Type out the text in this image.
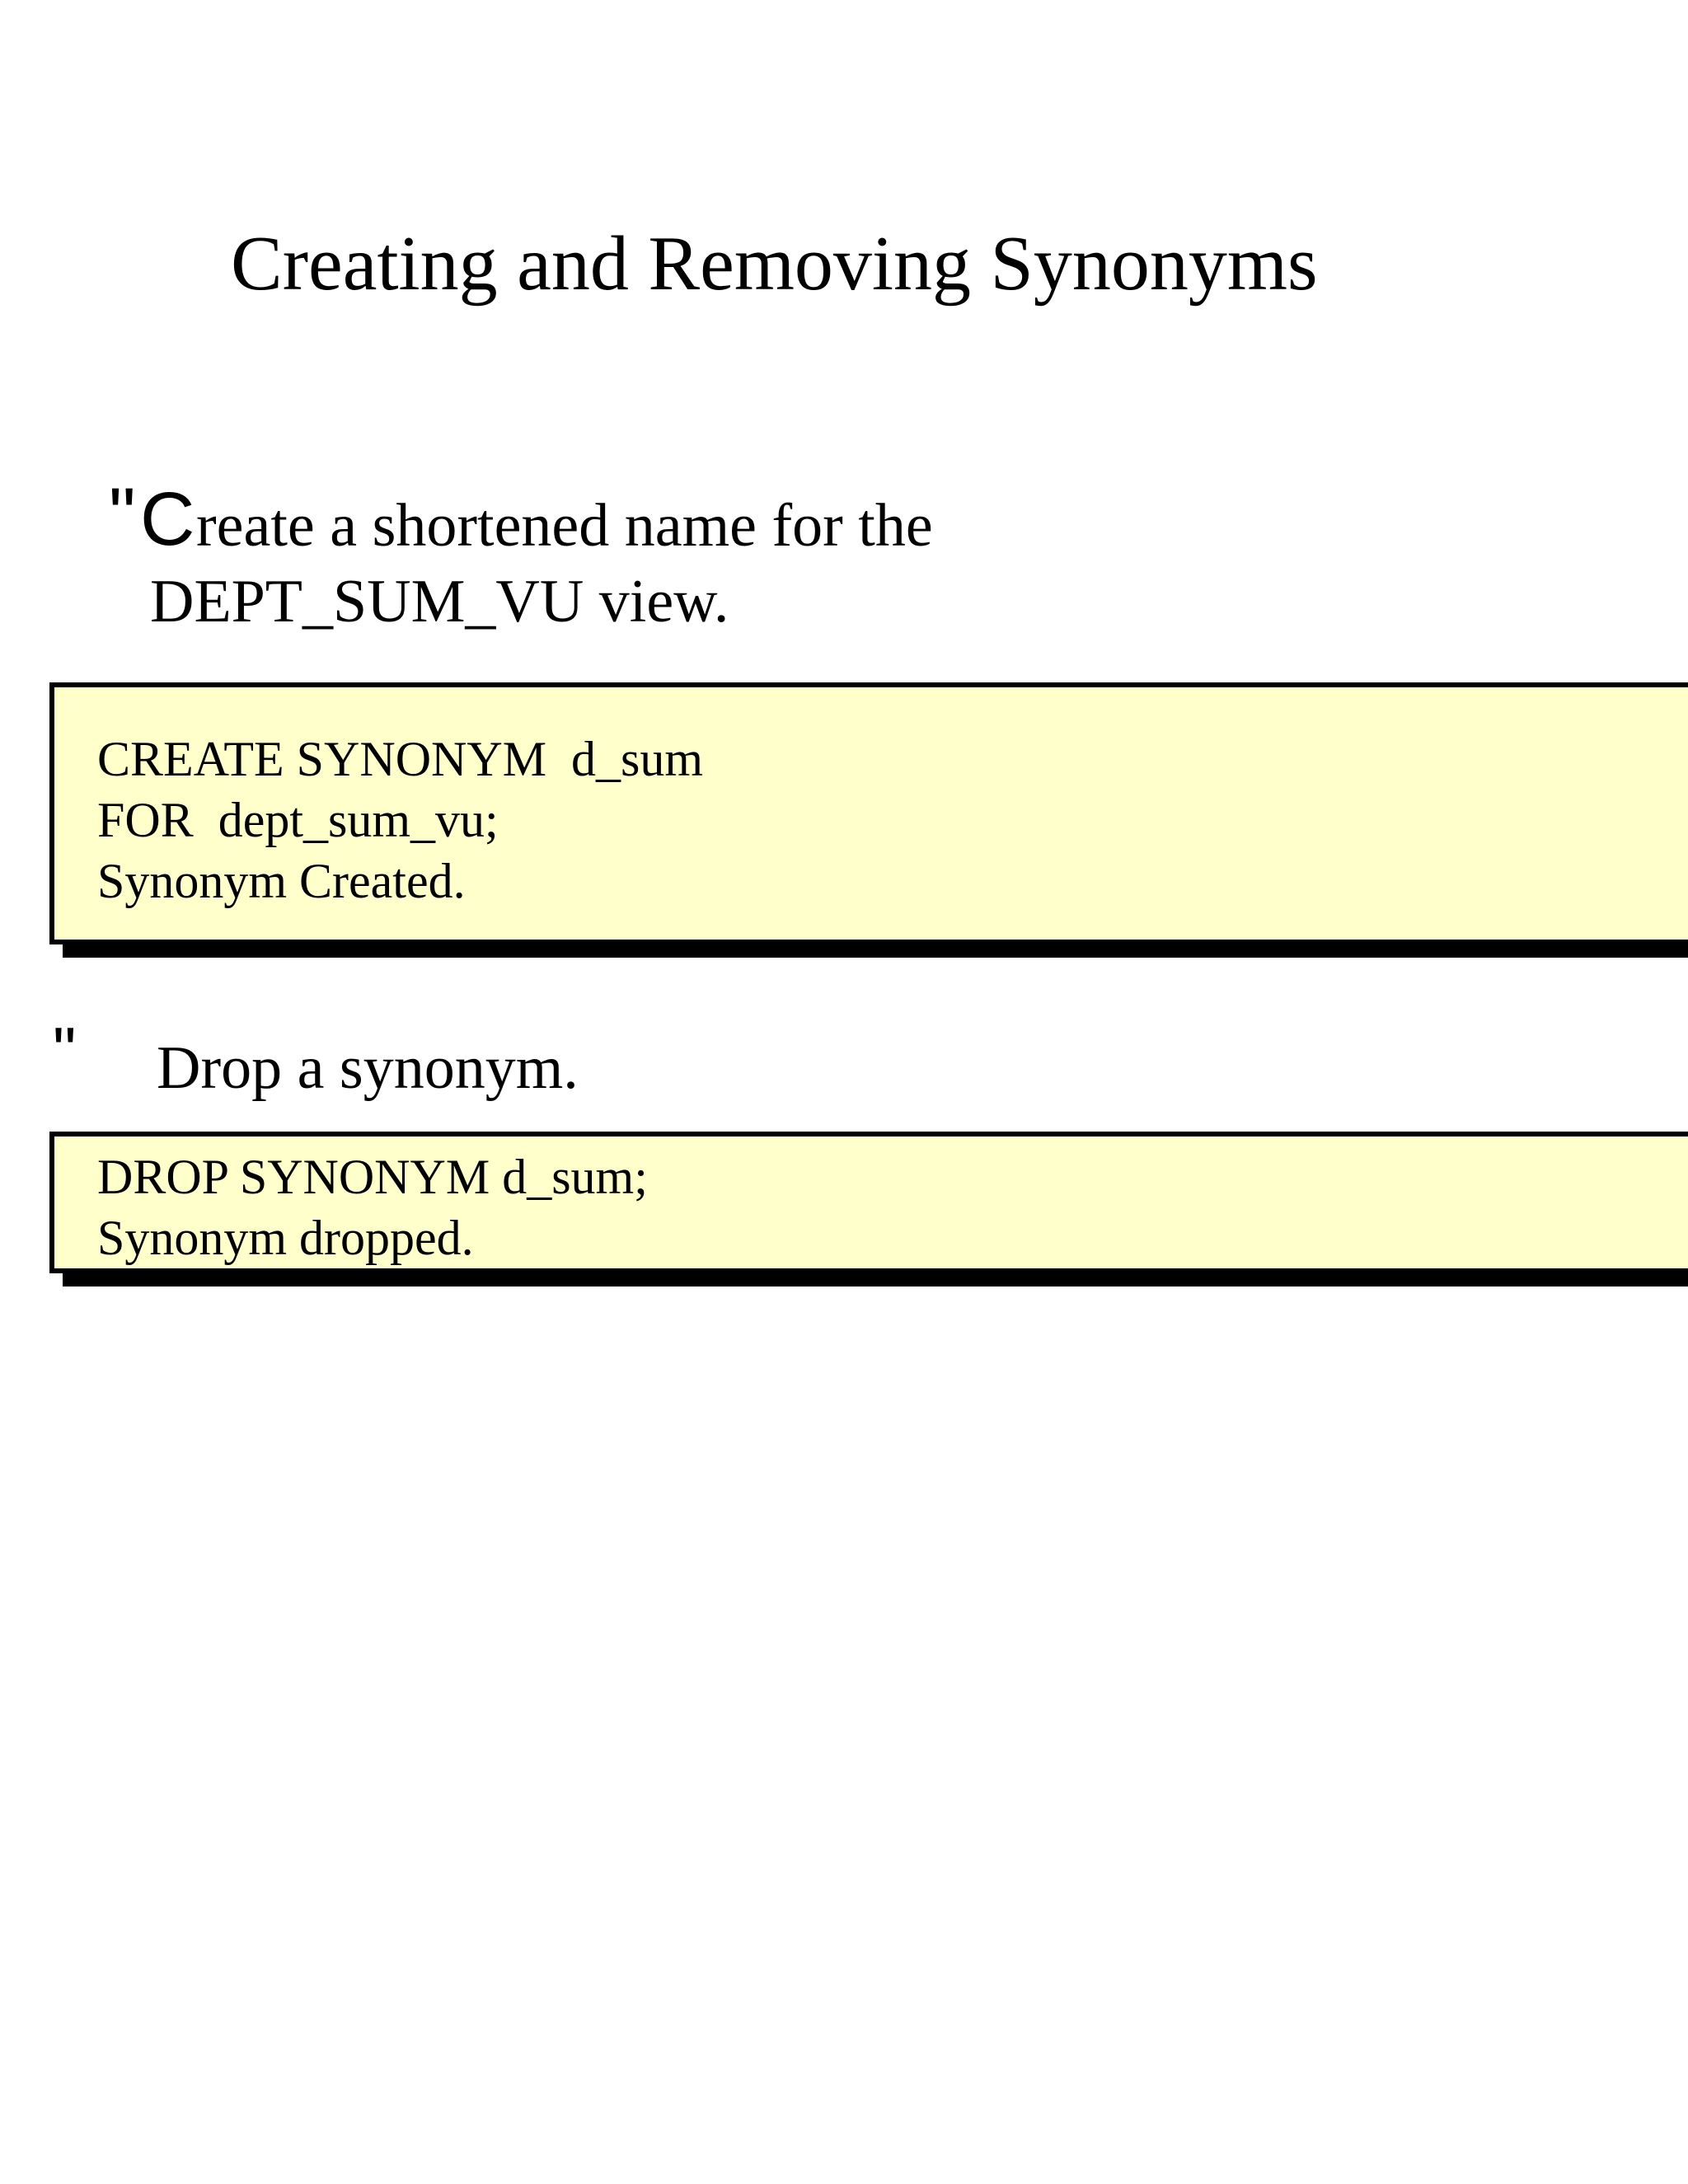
Creating and Removing Synonyms
" C reate a shortened name for the
DEPT_SUM_VU view.
CREATE SYNONYM  d_sum
FOR  dept_sum_vu;
Synonym Created.
" Drop a synonym.
DROP SYNONYM d_sum;
Synonym dropped.
